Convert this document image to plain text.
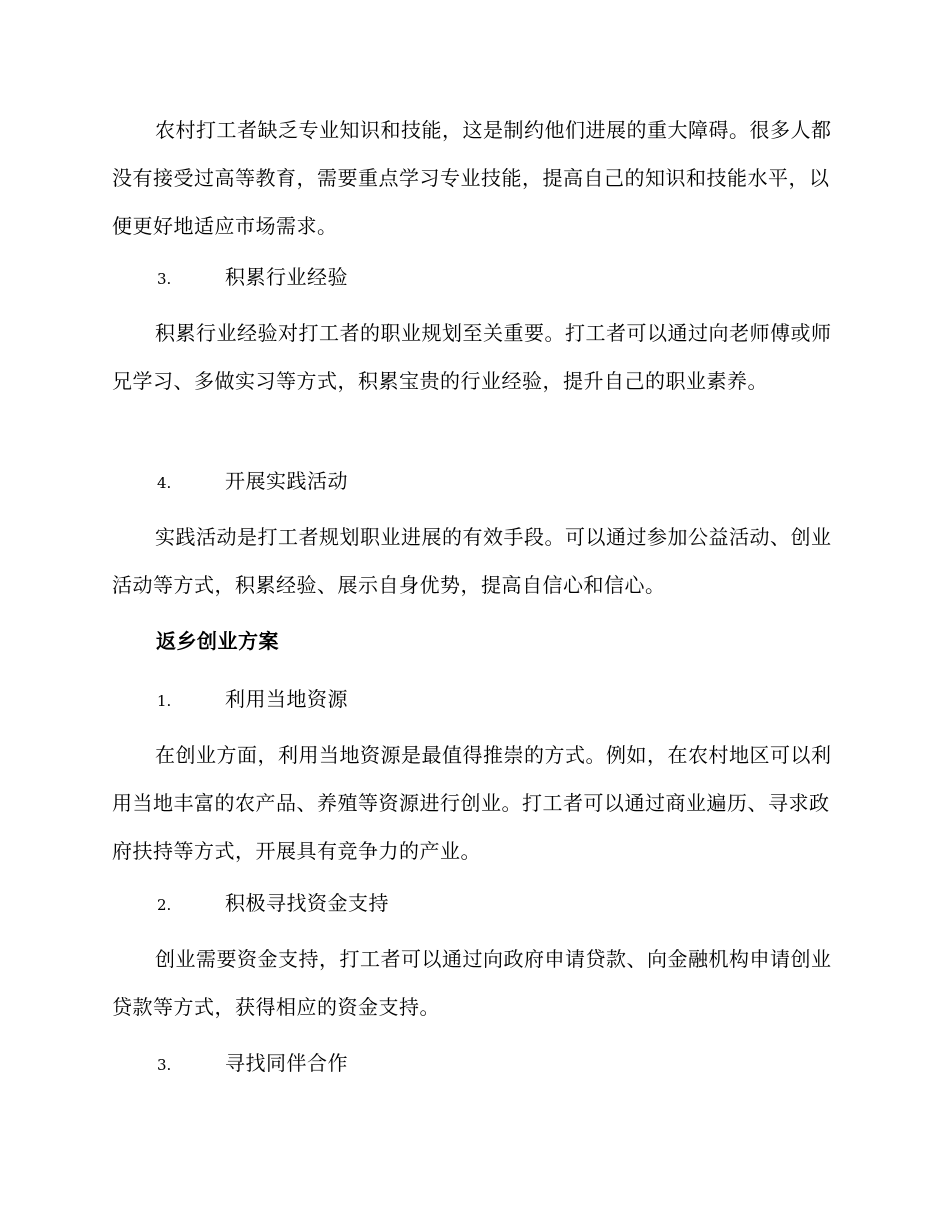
农村打工者缺乏专业知识和技能，这是制约他们进展的重大障碍。很多人都没有接受过高等教育，需要重点学习专业技能，提高自己的知识和技能水平，以便更好地适应市场需求。

3.	积累行业经验

积累行业经验对打工者的职业规划至关重要。打工者可以通过向老师傅或师兄学习、多做实习等方式，积累宝贵的行业经验，提升自己的职业素养。

4.	开展实践活动

实践活动是打工者规划职业进展的有效手段。可以通过参加公益活动、创业活动等方式，积累经验、展示自身优势，提高自信心和信心。

返乡创业方案

1.	利用当地资源

在创业方面，利用当地资源是最值得推崇的方式。例如，在农村地区可以利用当地丰富的农产品、养殖等资源进行创业。打工者可以通过商业遍历、寻求政府扶持等方式，开展具有竞争力的产业。

2.	积极寻找资金支持

创业需要资金支持，打工者可以通过向政府申请贷款、向金融机构申请创业贷款等方式，获得相应的资金支持。

3.	寻找同伴合作
